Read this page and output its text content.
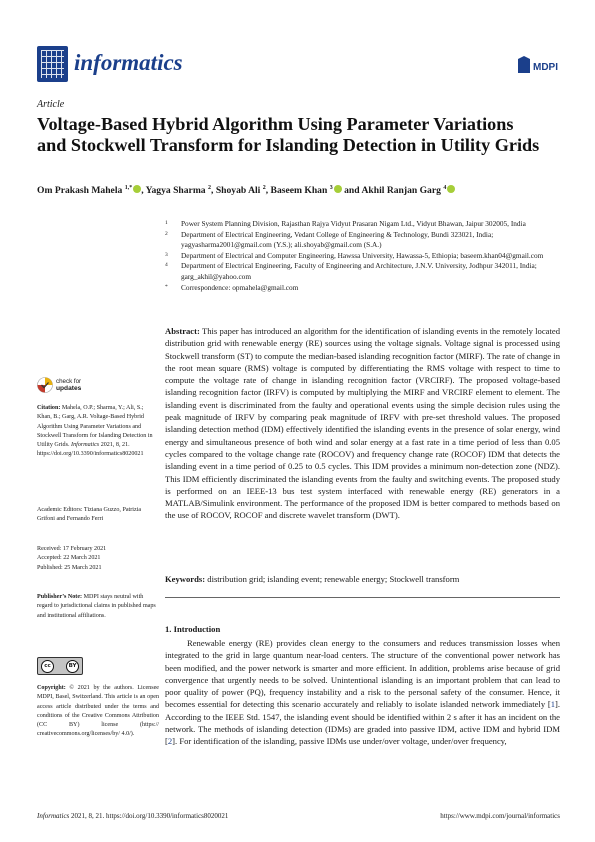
informatics	MDPI
Article
Voltage-Based Hybrid Algorithm Using Parameter Variations and Stockwell Transform for Islanding Detection in Utility Grids
Om Prakash Mahela $^{1,*}$ , Yagya Sharma $^2$, Shoyab Ali $^2$, Baseem Khan $^3$ and Akhil Ranjan Garg $^4$
1 Power System Planning Division, Rajasthan Rajya Vidyut Prasaran Nigam Ltd., Vidyut Bhawan, Jaipur 302005, India
2 Department of Electrical Engineering, Vedant College of Engineering & Technology, Bundi 323021, India; yagyasharma2001@gmail.com (Y.S.); ali.shoyab@gmail.com (S.A.)
3 Department of Electrical and Computer Engineering, Hawssa University, Hawassa-5, Ethiopia; baseem.khan04@gmail.com
4 Department of Electrical Engineering, Faculty of Engineering and Architecture, J.N.V. University, Jodhpur 342011, India; garg_akhil@yahoo.com
* Correspondence: opmahela@gmail.com
Abstract: This paper has introduced an algorithm for the identification of islanding events in the remotely located distribution grid with renewable energy (RE) sources using the voltage signals. Voltage signal is processed using Stockwell transform (ST) to compute the median-based islanding recognition factor (MIRF). The rate of change in the root mean square (RMS) voltage is computed by differentiating the RMS voltage with respect to time to compute the voltage rate of change in islanding recognition factor (VRCIRF). The proposed voltage-based islanding recognition factor (IRFV) is computed by multiplying the MIRF and VRCIRF element to element. The islanding event is discriminated from the faulty and operational events using the simple decision rules using the peak magnitude of IRFV by comparing peak magnitude of IRFV with pre-set threshold values. The proposed islanding detection method (IDM) effectively identified the islanding events in the presence of solar energy, wind energy and simultaneous presence of both wind and solar energy at a fast rate in a time period of less than 0.05 cycles compared to the voltage change rate (ROCOV) and frequency change rate (ROCOF) IDM that detects the islanding event in a time period of 0.25 to 0.5 cycles. This IDM provides a minimum non-detection zone (NDZ). This IDM efficiently discriminated the islanding events from the faulty and switching events. The proposed study is performed on an IEEE-13 bus test system interfaced with renewable energy (RE) generators in a MATLAB/Simulink environment. The performance of the proposed IDM is better compared to methods based on the use of ROCOV, ROCOF and discrete wavelet transform (DWT).
Keywords: distribution grid; islanding event; renewable energy; Stockwell transform
check for
updates
Citation: Mahela, O.P.; Sharma, Y.; Ali, S.; Khan, B.; Garg, A.R. Voltage-Based Hybrid Algorithm Using Parameter Variations and Stockwell Transform for Islanding Detection in Utility Grids. Informatics 2021, 8, 21. https://doi.org/10.3390/informatics8020021
Academic Editors: Tiziana Guzzo, Patrizia Grifoni and Fernando Ferri
Received: 17 February 2021
Accepted: 22 March 2021
Published: 25 March 2021
Publisher’s Note: MDPI stays neutral with regard to jurisdictional claims in published maps and institutional affiliations.
cc	BY
Copyright: © 2021 by the authors. Licensee MDPI, Basel, Switzerland. This article is an open access article distributed under the terms and conditions of the Creative Commons Attribution (CC BY) license (https:// creativecommons.org/licenses/by/ 4.0/).
1. Introduction
Renewable energy (RE) provides clean energy to the consumers and reduces transmission losses when integrated to the grid in large quantum near-load centers. The structure of the conventional power network has been modified, and the power network is smarter and more efficient. In addition, problems arise because of grid convergence that urgently needs to be solved. Unintentional islanding is an important problem that can lead to poor quality of power (PQ), frequency instability and a risk to the personal safety of the consumer. Hence, it becomes essential for detecting this scenario accurately and reliably to isolate islanded network immediately [1]. According to the IEEE Std. 1547, the islanding event should be identified within 2 s after it has an incident on the network. The methods of islanding detection (IDMs) are graded into passive IDM, active IDM and hybrid IDM [2]. For identification of the islanding, passive IDMs use under/over voltage, under/over frequency,
Informatics 2021, 8, 21. https://doi.org/10.3390/informatics8020021	https://www.mdpi.com/journal/informatics
